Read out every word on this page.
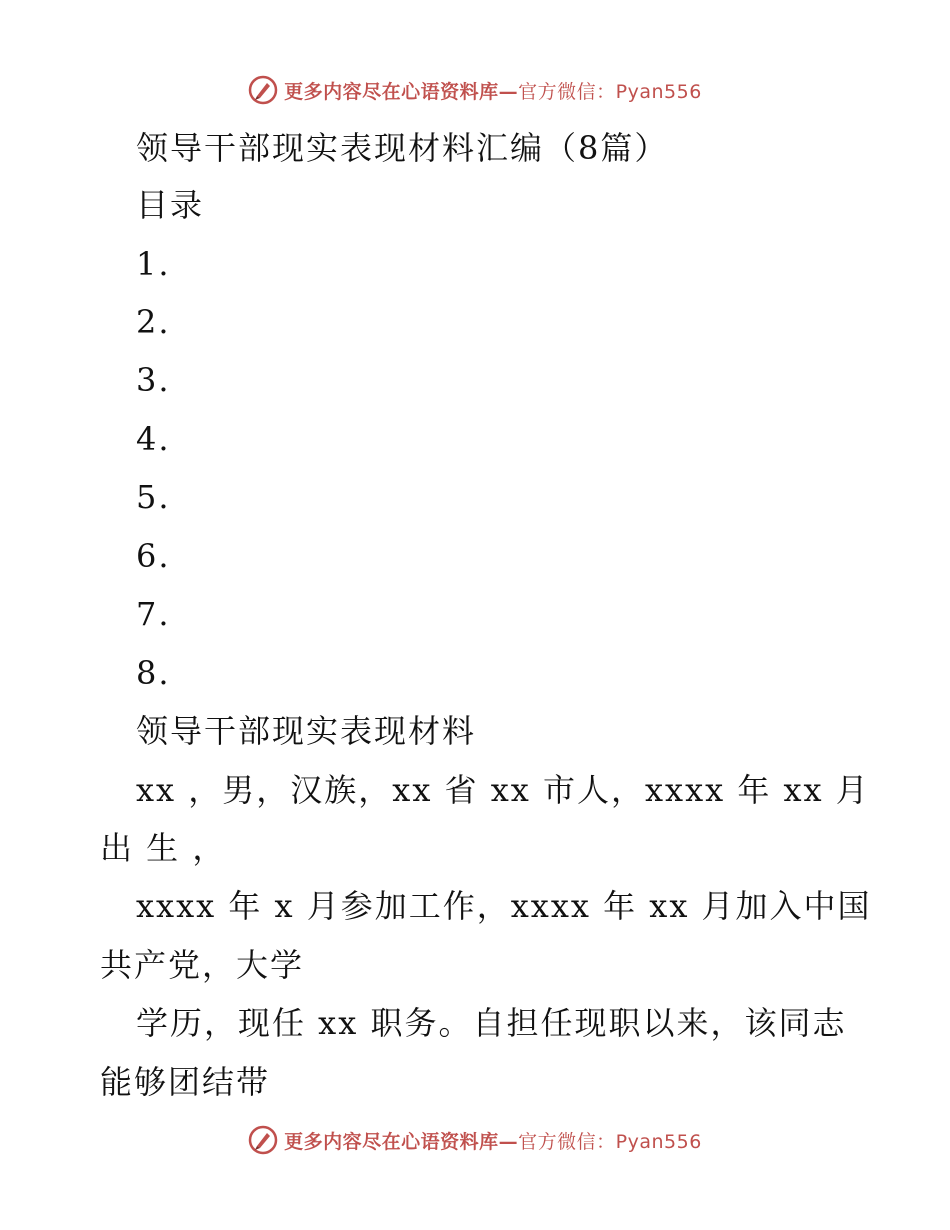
更多内容尽在心语资料库— 官方微信：Pyan556
领导干部现实表现材料汇编（8篇）
目录
1.
2.
3.
4.
5.
6.
7.
8.
领导干部现实表现材料
xx ，男，汉族，xx 省 xx 市人，xxxx 年 xx 月
出 生 ，
xxxx 年 x 月参加工作，xxxx 年 xx 月加入中国
共产党，大学
学历，现任 xx 职务。自担任现职以来，该同志
能够团结带
更多内容尽在心语资料库— 官方微信：Pyan556
